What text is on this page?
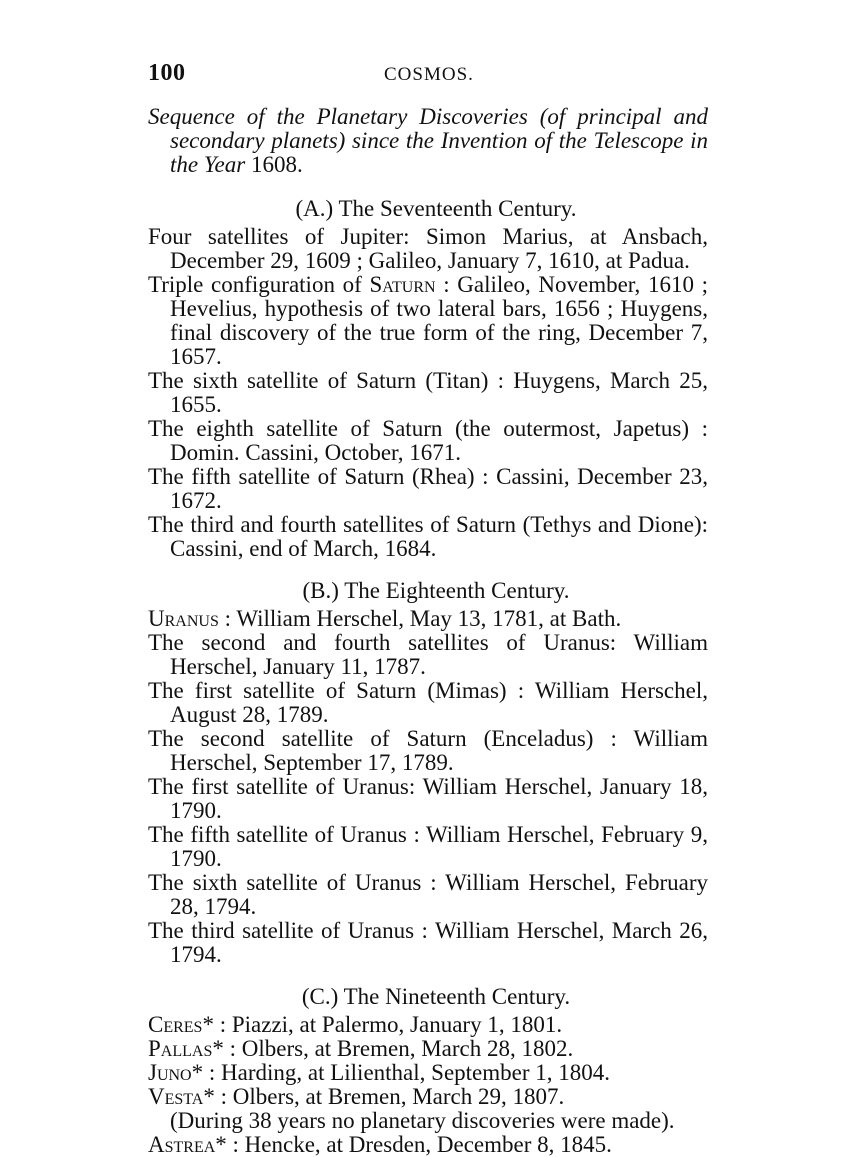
100	COSMOS.

Sequence of the Planetary Discoveries (of principal and secondary planets) since the Invention of the Telescope in the Year 1608.

(A.) The Seventeenth Century.

Four satellites of Jupiter: Simon Marius, at Ansbach, December 29, 1609 ; Galileo, January 7, 1610, at Padua.

Triple configuration of Saturn : Galileo, November, 1610 ; Hevelius, hypothesis of two lateral bars, 1656 ; Huygens, final discovery of the true form of the ring, December 7, 1657.

The sixth satellite of Saturn (Titan) : Huygens, March 25, 1655.

The eighth satellite of Saturn (the outermost, Japetus) : Domin. Cassini, October, 1671.

The fifth satellite of Saturn (Rhea) : Cassini, December 23, 1672.

The third and fourth satellites of Saturn (Tethys and Dione): Cassini, end of March, 1684.

(B.) The Eighteenth Century.

Uranus : William Herschel, May 13, 1781, at Bath.

The second and fourth satellites of Uranus: William Herschel, January 11, 1787.

The first satellite of Saturn (Mimas) : William Herschel, August 28, 1789.

The second satellite of Saturn (Enceladus) : William Herschel, September 17, 1789.

The first satellite of Uranus: William Herschel, January 18, 1790.

The fifth satellite of Uranus : William Herschel, February 9, 1790.

The sixth satellite of Uranus : William Herschel, February 28, 1794.

The third satellite of Uranus : William Herschel, March 26, 1794.

(C.) The Nineteenth Century.

Ceres* : Piazzi, at Palermo, January 1, 1801.

Pallas* : Olbers, at Bremen, March 28, 1802.

Juno* : Harding, at Lilienthal, September 1, 1804.

Vesta* : Olbers, at Bremen, March 29, 1807.

(During 38 years no planetary discoveries were made).

Astrea* : Hencke, at Dresden, December 8, 1845.
